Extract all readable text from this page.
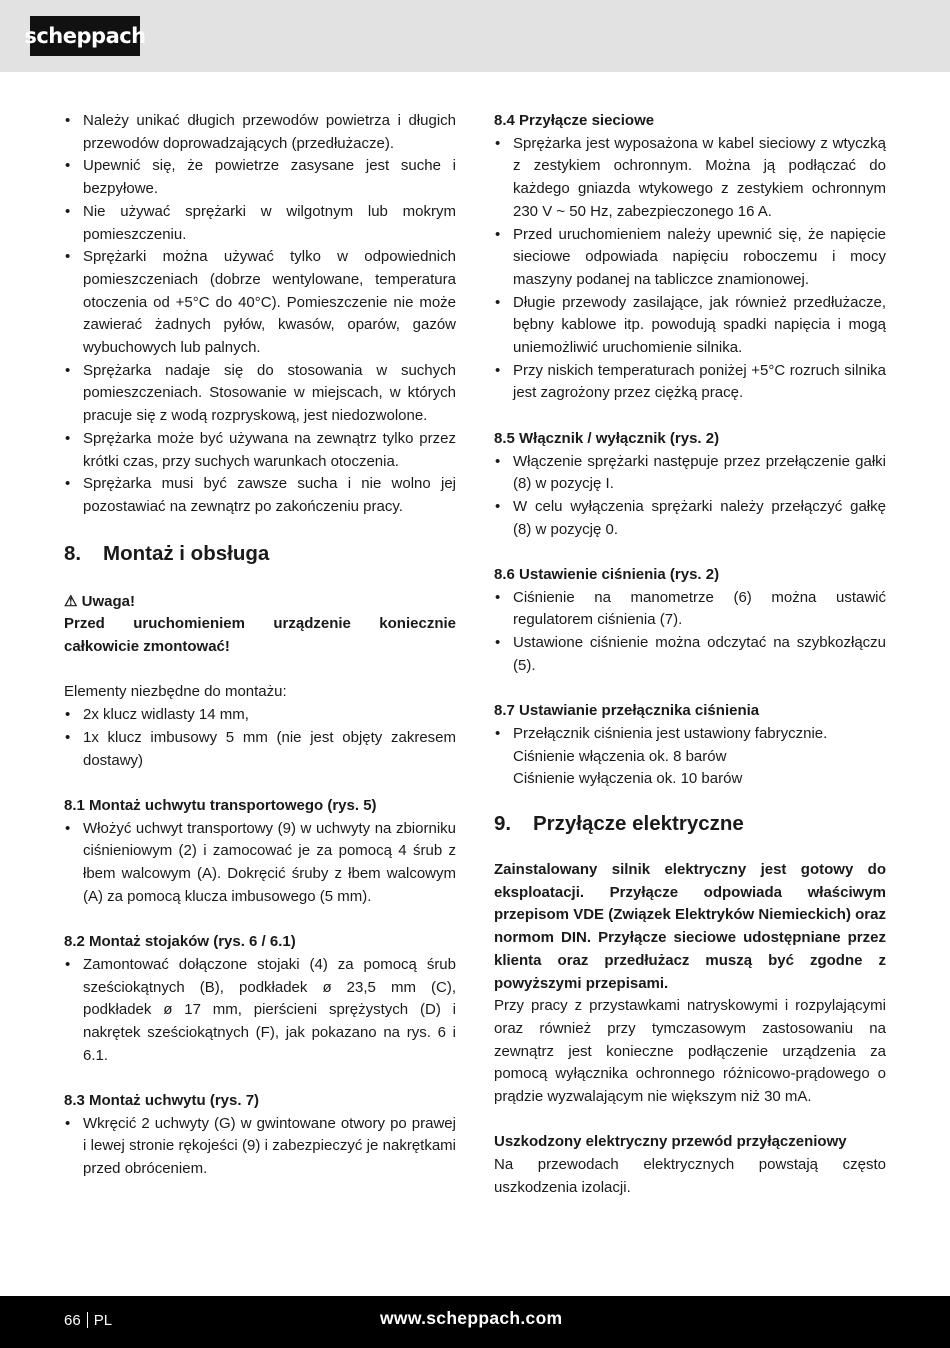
scheppach
• Należy unikać długich przewodów powietrza i długich przewodów doprowadzających (przedłużacze).
• Upewnić się, że powietrze zasysane jest suche i bezpyłowe.
• Nie używać sprężarki w wilgotnym lub mokrym pomieszczeniu.
• Sprężarki można używać tylko w odpowiednich pomieszczeniach (dobrze wentylowane, temperatura otoczenia od +5°C do 40°C). Pomieszczenie nie może zawierać żadnych pyłów, kwasów, oparów, gazów wybuchowych lub palnych.
• Sprężarka nadaje się do stosowania w suchych pomieszczeniach. Stosowanie w miejscach, w których pracuje się z wodą rozpryskową, jest niedozwolone.
• Sprężarka może być używana na zewnątrz tylko przez krótki czas, przy suchych warunkach otoczenia.
• Sprężarka musi być zawsze sucha i nie wolno jej pozostawiać na zewnątrz po zakończeniu pracy.
8.	Montaż i obsługa

⚠ Uwaga!

Przed uruchomieniem urządzenie koniecznie całkowicie zmontować!

Elementy niezbędne do montażu:

• 2x klucz widlasty 14 mm,
• 1x klucz imbusowy 5 mm (nie jest objęty zakresem dostawy)

8.1 Montaż uchwytu transportowego (rys. 5)

• Włożyć uchwyt transportowy (9) w uchwyty na zbiorniku ciśnieniowym (2) i zamocować je za pomocą 4 śrub z łbem walcowym (A). Dokręcić śruby z łbem walcowym (A) za pomocą klucza imbusowego (5 mm).

8.2 Montaż stojaków (rys. 6 / 6.1)

• Zamontować dołączone stojaki (4) za pomocą śrub sześciokątnych (B), podkładek ø 23,5 mm (C), podkładek ø 17 mm, pierścieni sprężystych (D) i nakrętek sześciokątnych (F), jak pokazano na rys. 6 i 6.1.

8.3 Montaż uchwytu (rys. 7)

• Wkręcić 2 uchwyty (G) w gwintowane otwory po prawej i lewej stronie rękojeści (9) i zabezpieczyć je nakrętkami przed obróceniem.

8.4 Przyłącze sieciowe

• Sprężarka jest wyposażona w kabel sieciowy z wtyczką z zestykiem ochronnym. Można ją podłączać do każdego gniazda wtykowego z zestykiem ochronnym 230 V ~ 50 Hz, zabezpieczonego 16 A.
• Przed uruchomieniem należy upewnić się, że napięcie sieciowe odpowiada napięciu roboczemu i mocy maszyny podanej na tabliczce znamionowej.
• Długie przewody zasilające, jak również przedłużacze, bębny kablowe itp. powodują spadki napięcia i mogą uniemożliwić uruchomienie silnika.
• Przy niskich temperaturach poniżej +5°C rozruch silnika jest zagrożony przez ciężką pracę.

8.5 Włącznik / wyłącznik (rys. 2)

• Włączenie sprężarki następuje przez przełączenie gałki (8) w pozycję I.
• W celu wyłączenia sprężarki należy przełączyć gałkę (8) w pozycję 0.

8.6 Ustawienie ciśnienia (rys. 2)

• Ciśnienie na manometrze (6) można ustawić regulatorem ciśnienia (7).
• Ustawione ciśnienie można odczytać na szybkozłączu (5).

8.7 Ustawianie przełącznika ciśnienia

• Przełącznik ciśnienia jest ustawiony fabrycznie.

Ciśnienie włączenia ok. 8 barów

Ciśnienie wyłączenia ok. 10 barów

9.	Przyłącze elektryczne

Zainstalowany silnik elektryczny jest gotowy do eksploatacji. Przyłącze odpowiada właściwym przepisom VDE (Związek Elektryków Niemieckich) oraz normom DIN. Przyłącze sieciowe udostępniane przez klienta oraz przedłużacz muszą być zgodne z powyższymi przepisami.

Przy pracy z przystawkami natryskowymi i rozpylającymi oraz również przy tymczasowym zastosowaniu na zewnątrz jest konieczne podłączenie urządzenia za pomocą wyłącznika ochronnego różnicowo-prądowego o prądzie wyzwalającym nie większym niż 30 mA.

Uszkodzony elektryczny przewód przyłączeniowy

Na przewodach elektrycznych powstają często uszkodzenia izolacji.

66 PL	www.scheppach.com
